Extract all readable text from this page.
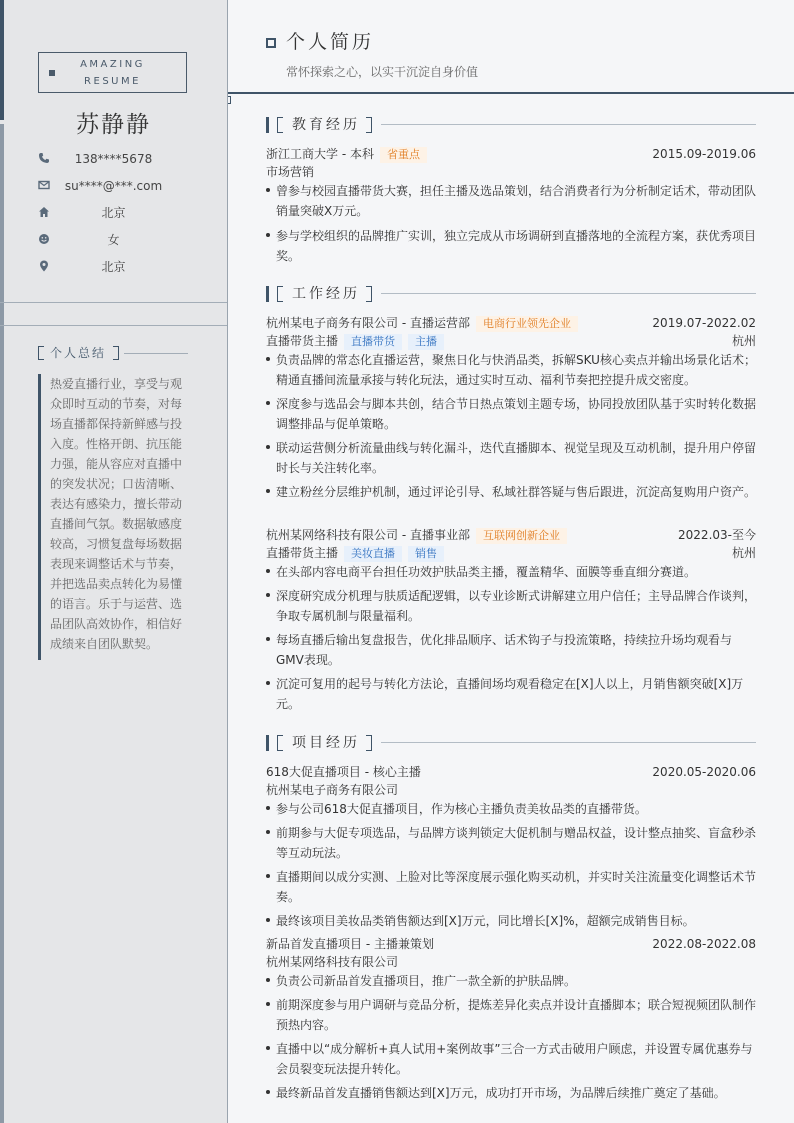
AMAZING
RESUME
苏静静
138****5678
su****@***.com
北京
女
北京
个人总结
热爱直播行业，享受与观众即时互动的节奏，对每场直播都保持新鲜感与投入度。性格开朗、抗压能力强，能从容应对直播中的突发状况；口齿清晰、表达有感染力，擅长带动直播间气氛。数据敏感度较高，习惯复盘每场数据表现来调整话术与节奏，并把选品卖点转化为易懂的语言。乐于与运营、选品团队高效协作，相信好成绩来自团队默契。
个人简历
常怀探索之心，以实干沉淀自身价值
教育经历
浙江工商大学 - 本科 省重点	2015.09-2019.06
市场营销
曾参与校园直播带货大赛，担任主播及选品策划，结合消费者行为分析制定话术，带动团队销量突破X万元。
参与学校组织的品牌推广实训，独立完成从市场调研到直播落地的全流程方案，获优秀项目奖。
工作经历
杭州某电子商务有限公司 - 直播运营部 电商行业领先企业	2019.07-2022.02
直播带货主播 直播带货 主播	杭州
负责品牌的常态化直播运营，聚焦日化与快消品类，拆解SKU核心卖点并输出场景化话术；精通直播间流量承接与转化玩法，通过实时互动、福利节奏把控提升成交密度。
深度参与选品会与脚本共创，结合节日热点策划主题专场，协同投放团队基于实时转化数据调整排品与促单策略。
联动运营侧分析流量曲线与转化漏斗，迭代直播脚本、视觉呈现及互动机制，提升用户停留时长与关注转化率。
建立粉丝分层维护机制，通过评论引导、私域社群答疑与售后跟进，沉淀高复购用户资产。
杭州某网络科技有限公司 - 直播事业部 互联网创新企业	2022.03-至今
直播带货主播 美妆直播 销售	杭州
在头部内容电商平台担任功效护肤品类主播，覆盖精华、面膜等垂直细分赛道。
深度研究成分机理与肤质适配逻辑，以专业诊断式讲解建立用户信任；主导品牌合作谈判，争取专属机制与限量福利。
每场直播后输出复盘报告，优化排品顺序、话术钩子与投流策略，持续拉升场均观看与GMV表现。
沉淀可复用的起号与转化方法论，直播间场均观看稳定在[X]人以上，月销售额突破[X]万元。
项目经历
618大促直播项目 - 核心主播	2020.05-2020.06
杭州某电子商务有限公司
参与公司618大促直播项目，作为核心主播负责美妆品类的直播带货。
前期参与大促专项选品，与品牌方谈判锁定大促机制与赠品权益，设计整点抽奖、盲盒秒杀等互动玩法。
直播期间以成分实测、上脸对比等深度展示强化购买动机，并实时关注流量变化调整话术节奏。
最终该项目美妆品类销售额达到[X]万元，同比增长[X]%，超额完成销售目标。
新品首发直播项目 - 主播兼策划	2022.08-2022.08
杭州某网络科技有限公司
负责公司新品首发直播项目，推广一款全新的护肤品牌。
前期深度参与用户调研与竞品分析，提炼差异化卖点并设计直播脚本；联合短视频团队制作预热内容。
直播中以“成分解析+真人试用+案例故事”三合一方式击破用户顾虑，并设置专属优惠券与会员裂变玩法提升转化。
最终新品首发直播销售额达到[X]万元，成功打开市场，为品牌后续推广奠定了基础。
